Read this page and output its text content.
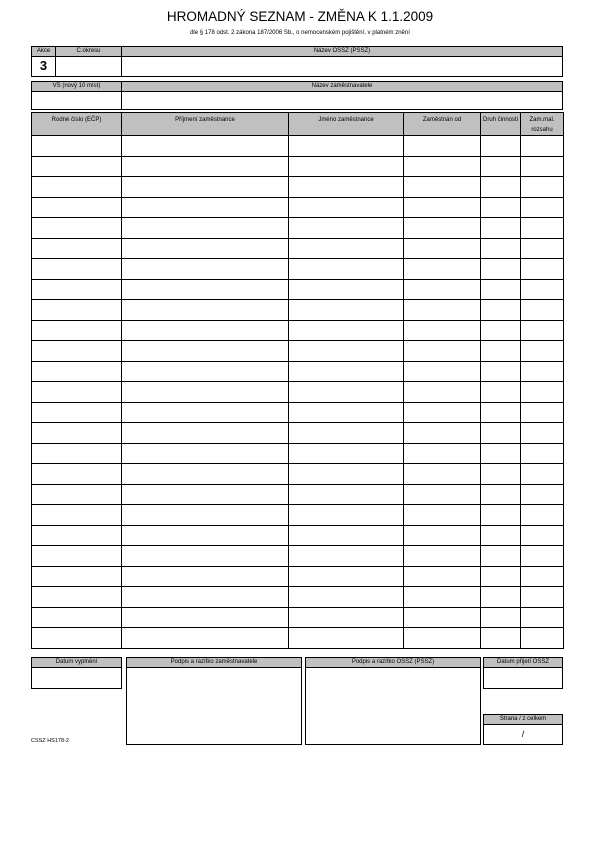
HROMADNÝ SEZNAM - ZMĚNA K 1.1.2009
dle § 178 odst. 2 zákona 187/2006 Sb., o nemocenském pojištění, v platném znění
Akce	Č.okresu	Název OSSZ (PSSZ)
3
VS (nový 10 míst)	Název zaměstnavatele
Rodné číslo (EČP)	Příjmení zaměstnance	Jméno zaměstnance	Zaměstnán od	Druh činnosti	Zam.mal. rozsahu

Datum vyplnění	Podpis a razítko zaměstnavatele	Podpis a razítko OSSZ (PSSZ)	Datum přijetí OSSZ
Strana / z celkem
/
CSSZ HS178-2
